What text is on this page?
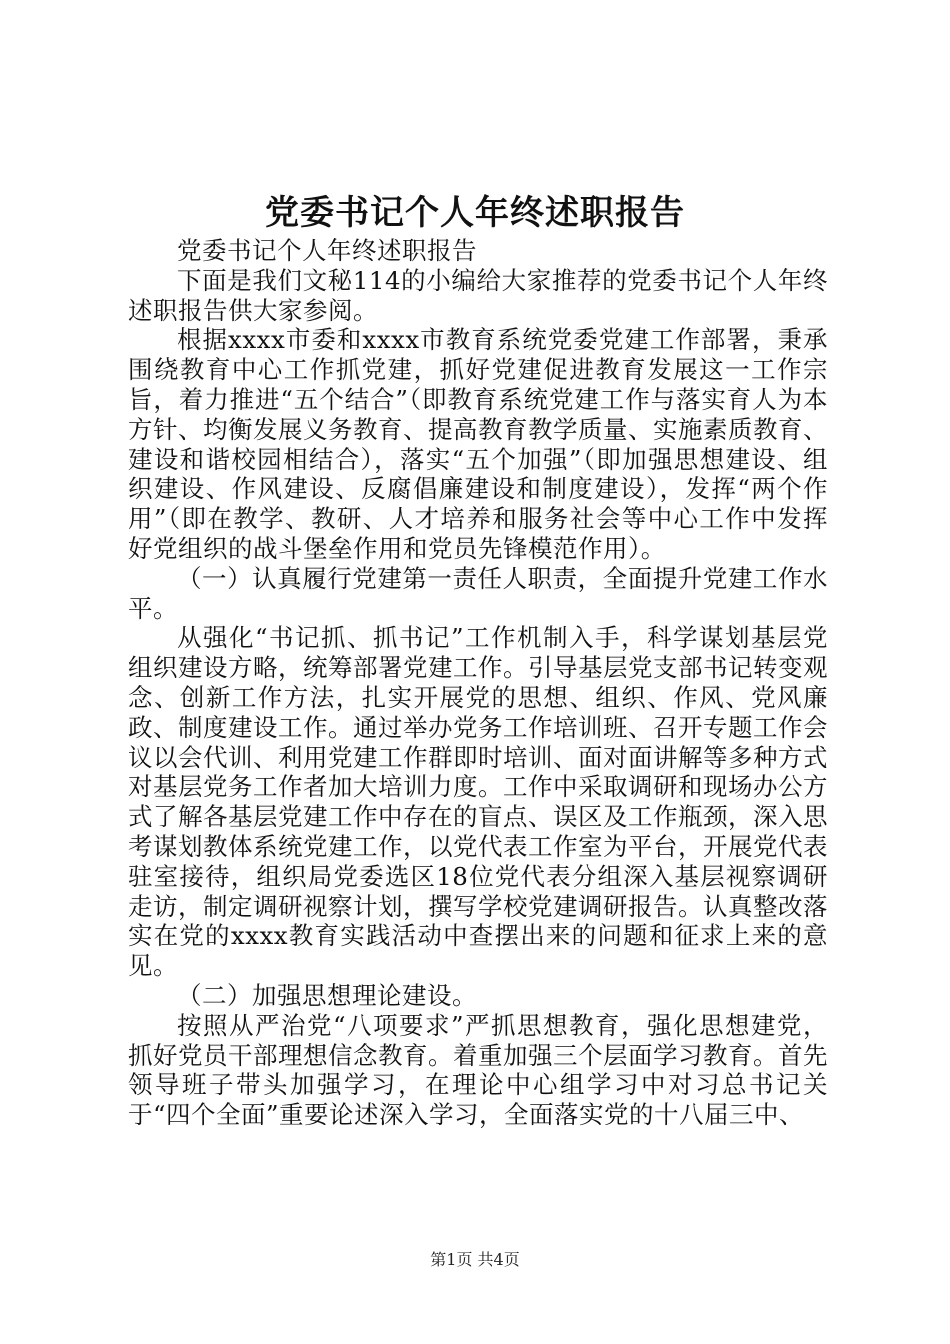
党委书记个人年终述职报告

党委书记个人年终述职报告

下面是我们文秘114的小编给大家推荐的党委书记个人年终述职报告供大家参阅。

根据xxxx市委和xxxx市教育系统党委党建工作部署，秉承围绕教育中心工作抓党建，抓好党建促进教育发展这一工作宗旨，着力推进“五个结合”（即教育系统党建工作与落实育人为本方针、均衡发展义务教育、提高教育教学质量、实施素质教育、建设和谐校园相结合），落实“五个加强”（即加强思想建设、组织建设、作风建设、反腐倡廉建设和制度建设），发挥“两个作用”（即在教学、教研、人才培养和服务社会等中心工作中发挥好党组织的战斗堡垒作用和党员先锋模范作用）。

（一）认真履行党建第一责任人职责，全面提升党建工作水平。

从强化“书记抓、抓书记”工作机制入手，科学谋划基层党组织建设方略，统筹部署党建工作。引导基层党支部书记转变观念、创新工作方法，扎实开展党的思想、组织、作风、党风廉政、制度建设工作。通过举办党务工作培训班、召开专题工作会议以会代训、利用党建工作群即时培训、面对面讲解等多种方式对基层党务工作者加大培训力度。工作中采取调研和现场办公方式了解各基层党建工作中存在的盲点、误区及工作瓶颈，深入思考谋划教体系统党建工作，以党代表工作室为平台，开展党代表驻室接待，组织局党委选区18位党代表分组深入基层视察调研走访，制定调研视察计划，撰写学校党建调研报告。认真整改落实在党的xxxx教育实践活动中查摆出来的问题和征求上来的意见。

（二）加强思想理论建设。

按照从严治党“八项要求”严抓思想教育，强化思想建党，抓好党员干部理想信念教育。着重加强三个层面学习教育。首先领导班子带头加强学习，在理论中心组学习中对习总书记关于“四个全面”重要论述深入学习，全面落实党的十八届三中、

第1页 共4页
